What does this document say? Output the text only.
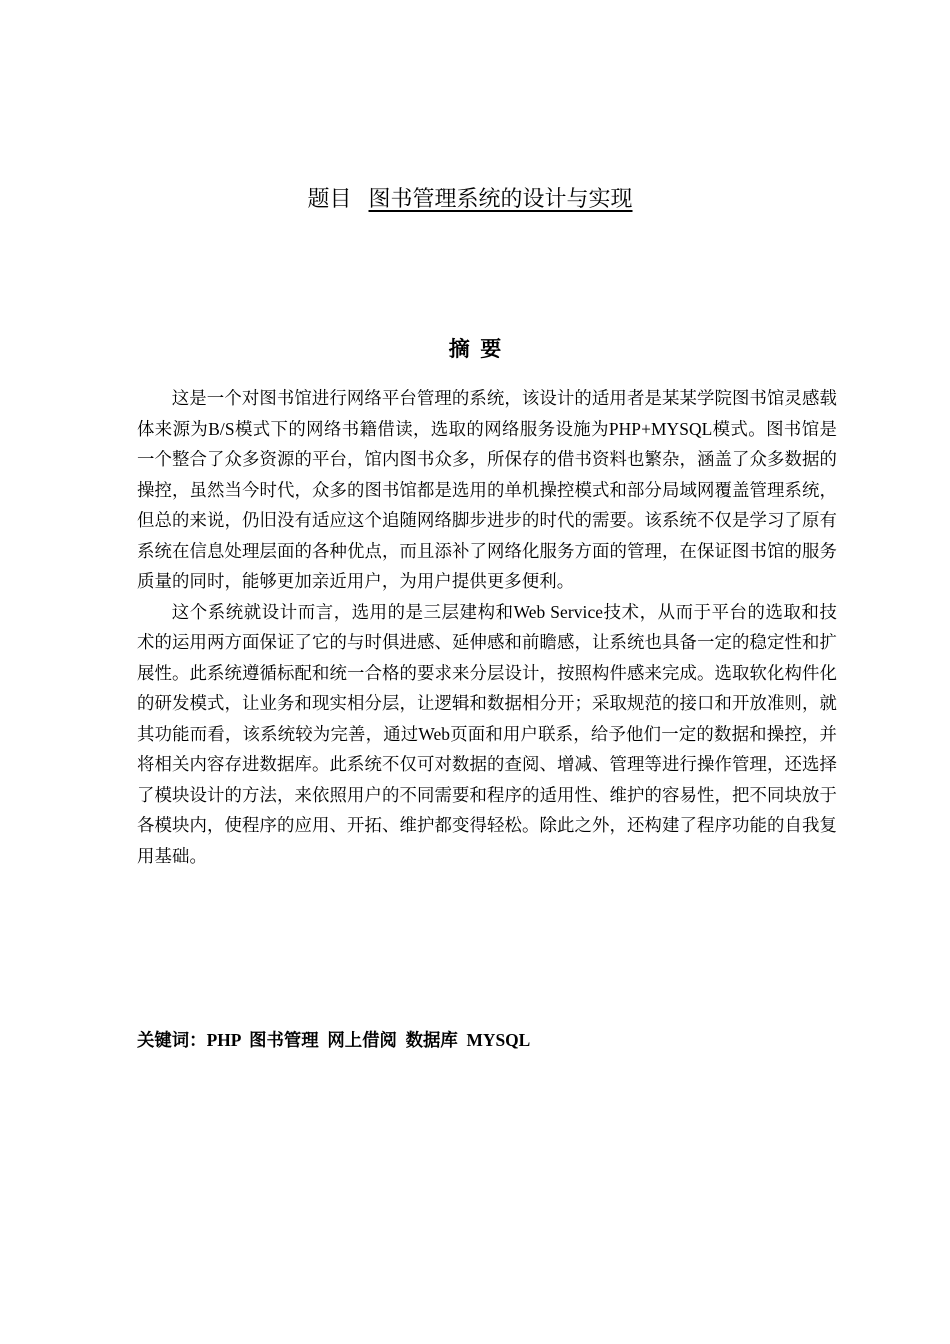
题目 图书管理系统的设计与实现
摘要

这是一个对图书馆进行网络平台管理的系统，该设计的适用者是某某学院图书馆灵感载体来源为B/S模式下的网络书籍借读，选取的网络服务设施为PHP+MYSQL模式。图书馆是一个整合了众多资源的平台，馆内图书众多，所保存的借书资料也繁杂，涵盖了众多数据的操控，虽然当今时代，众多的图书馆都是选用的单机操控模式和部分局域网覆盖管理系统，但总的来说，仍旧没有适应这个追随网络脚步进步的时代的需要。该系统不仅是学习了原有系统在信息处理层面的各种优点，而且添补了网络化服务方面的管理，在保证图书馆的服务质量的同时，能够更加亲近用户，为用户提供更多便利。

这个系统就设计而言，选用的是三层建构和Web Service技术，从而于平台的选取和技术的运用两方面保证了它的与时俱进感、延伸感和前瞻感，让系统也具备一定的稳定性和扩展性。此系统遵循标配和统一合格的要求来分层设计，按照构件感来完成。选取软化构件化的研发模式，让业务和现实相分层，让逻辑和数据相分开；采取规范的接口和开放准则，就其功能而看，该系统较为完善，通过Web页面和用户联系，给予他们一定的数据和操控，并将相关内容存进数据库。此系统不仅可对数据的查阅、增减、管理等进行操作管理，还选择了模块设计的方法，来依照用户的不同需要和程序的适用性、维护的容易性，把不同块放于各模块内，使程序的应用、开拓、维护都变得轻松。除此之外，还构建了程序功能的自我复用基础。

关键词：PHP  图书管理  网上借阅  数据库  MYSQL
